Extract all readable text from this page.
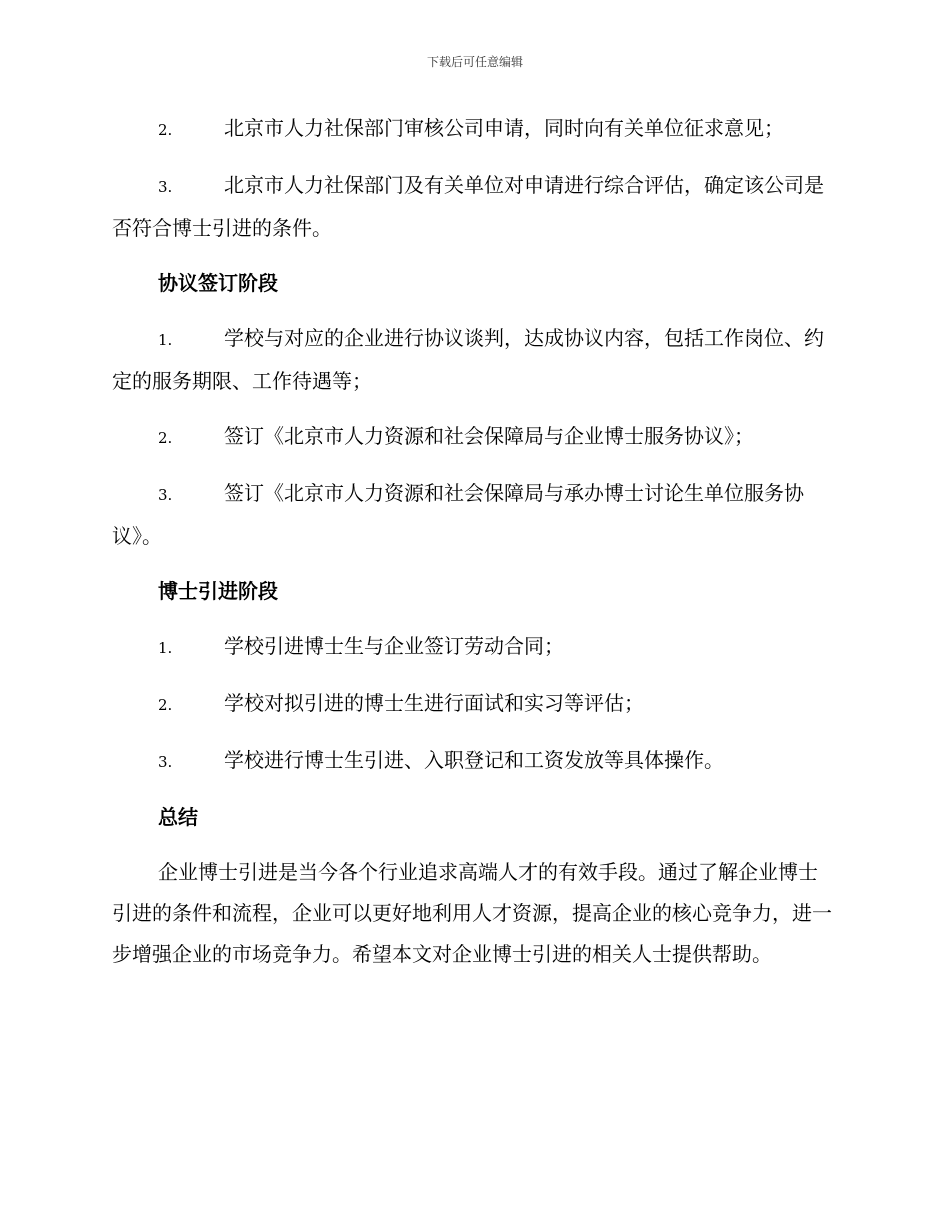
下载后可任意编辑

2.	北京市人力社保部门审核公司申请，同时向有关单位征求意见；

3.	北京市人力社保部门及有关单位对申请进行综合评估，确定该公司是否符合博士引进的条件。

协议签订阶段

1.	学校与对应的企业进行协议谈判，达成协议内容，包括工作岗位、约定的服务期限、工作待遇等；

2.	签订《北京市人力资源和社会保障局与企业博士服务协议》；

3.	签订《北京市人力资源和社会保障局与承办博士讨论生单位服务协议》。

博士引进阶段

1.	学校引进博士生与企业签订劳动合同；

2.	学校对拟引进的博士生进行面试和实习等评估；

3.	学校进行博士生引进、入职登记和工资发放等具体操作。

总结

企业博士引进是当今各个行业追求高端人才的有效手段。通过了解企业博士引进的条件和流程，企业可以更好地利用人才资源，提高企业的核心竞争力，进一步增强企业的市场竞争力。希望本文对企业博士引进的相关人士提供帮助。
